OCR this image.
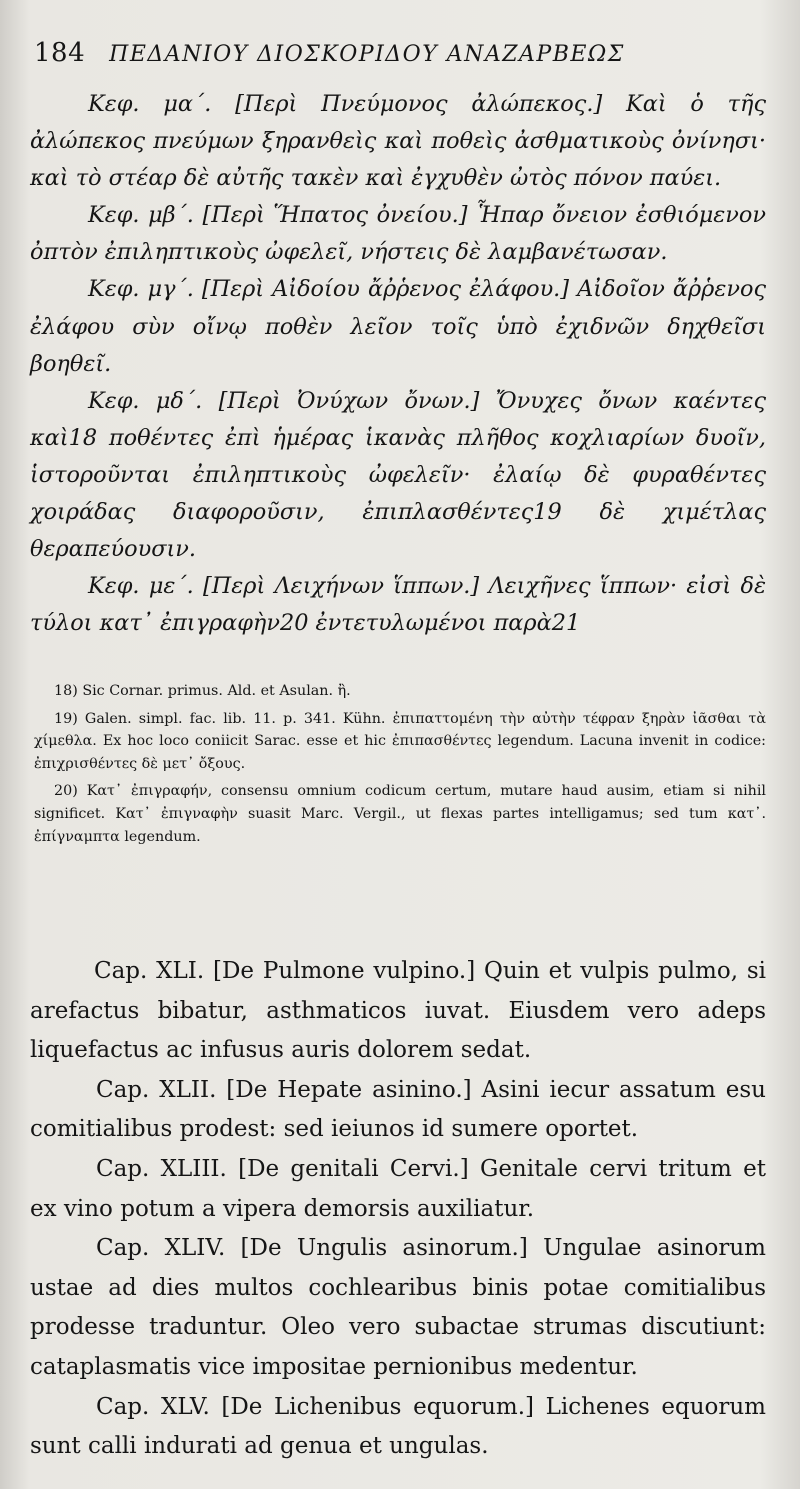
184 ΠΕΔΑΝΙΟΥ ΔΙΟΣΚΟΡΙΔΟΥ ΑΝΑΖΑΡΒΕΩΣ

Κεφ. μα΄. [Περὶ Πνεύμονος ἀλώπεκος.] Καὶ ὁ τῆς ἀλώπεκος πνεύμων ξηρανθεὶς καὶ ποθεὶς ἀσθματικοὺς ὀνίνησι· καὶ τὸ στέαρ δὲ αὐτῆς τακὲν καὶ ἐγχυθὲν ὠτὸς πόνον παύει.

Κεφ. μβ΄. [Περὶ Ἥπατος ὀνείου.] Ἧπαρ ὄνειον ἐσθιόμενον ὀπτὸν ἐπιληπτικοὺς ὠφελεῖ, νήστεις δὲ λαμβανέτωσαν.

Κεφ. μγ΄. [Περὶ Αἰδοίου ἄῤῥενος ἐλάφου.] Αἰδοῖον ἄῤῥενος ἐλάφου σὺν οἴνῳ ποθὲν λεῖον τοῖς ὑπὸ ἐχιδνῶν δηχθεῖσι βοηθεῖ.

Κεφ. μδ΄. [Περὶ Ὀνύχων ὄνων.] Ὄνυχες ὄνων καέντες καὶ18 ποθέντες ἐπὶ ἡμέρας ἱκανὰς πλῆθος κοχλιαρίων δυοῖν, ἱστοροῦνται ἐπιληπτικοὺς ὠφελεῖν· ἐλαίῳ δὲ φυραθέντες χοιράδας διαφοροῦσιν, ἐπιπλασθέντες19 δὲ χιμέτλας θεραπεύουσιν.

Κεφ. με΄. [Περὶ Λειχήνων ἵππων.] Λειχῆνες ἵππων· εἰσὶ δὲ τύλοι κατ᾽ ἐπιγραφὴν20 ἐντετυλωμένοι παρὰ21

18) Sic Cornar. primus. Ald. et Asulan. ἢ.

19) Galen. simpl. fac. lib. 11. p. 341. Kühn. ἐπιπαττομένη τὴν αὐτὴν τέφραν ξηρὰν ἰᾶσθαι τὰ χίμεθλα. Ex hoc loco coniicit Sarac. esse et hic ἐπιπασθέντες legendum. Lacuna invenit in codice: ἐπιχρισθέντες δὲ μετ᾽ ὄξους.

20) Κατ᾽ ἐπιγραφήν, consensu omnium codicum certum, mutare haud ausim, etiam si nihil significet. Κατ᾽ ἐπιγναφὴν suasit Marc. Vergil., ut flexas partes intelligamus; sed tum κατ᾽. ἐπίγναμπτα legendum.

Cap. XLI. [De Pulmone vulpino.] Quin et vulpis pulmo, si arefactus bibatur, asthmaticos iuvat. Eiusdem vero adeps liquefactus ac infusus auris dolorem sedat.

Cap. XLII. [De Hepate asinino.] Asini iecur assatum esu comitialibus prodest: sed ieiunos id sumere oportet.

Cap. XLIII. [De genitali Cervi.] Genitale cervi tritum et ex vino potum a vipera demorsis auxiliatur.

Cap. XLIV. [De Ungulis asinorum.] Ungulae asinorum ustae ad dies multos cochlearibus binis potae comitialibus prodesse traduntur. Oleo vero subactae strumas discutiunt: cataplasmatis vice impositae pernionibus medentur.

Cap. XLV. [De Lichenibus equorum.] Lichenes equorum sunt calli indurati ad genua et ungulas.
